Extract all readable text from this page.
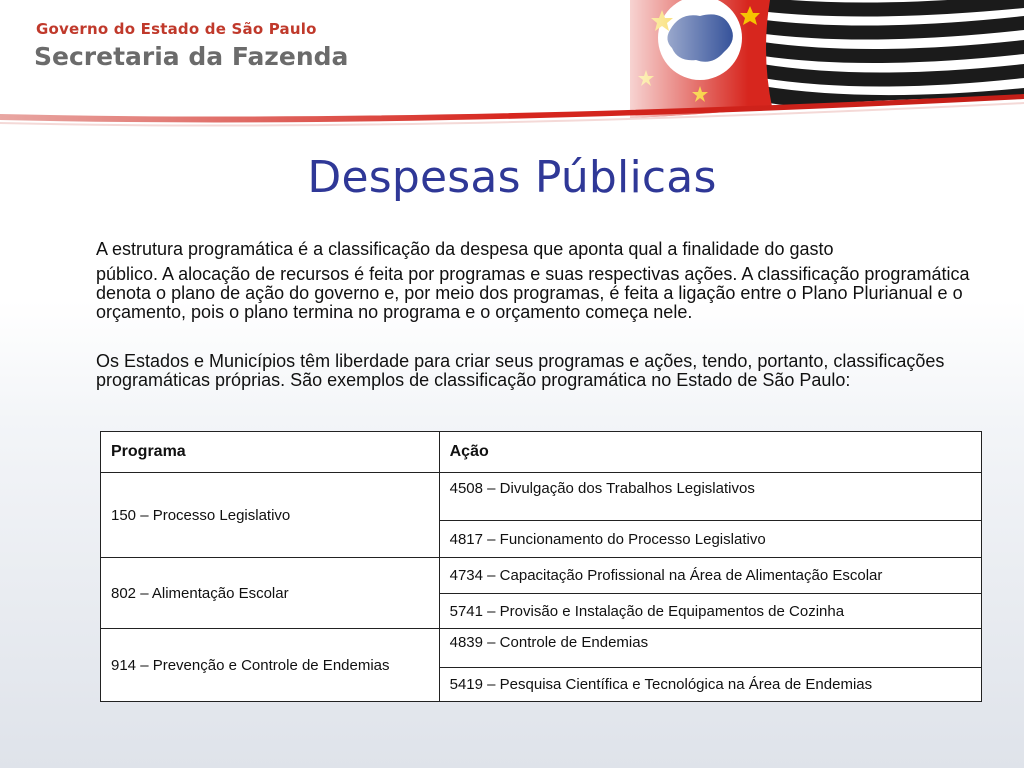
Governo do Estado de São Paulo
Secretaria da Fazenda
Despesas Públicas
A estrutura programática é a classificação da despesa que aponta qual a finalidade do gasto
público. A alocação de recursos é feita por programas e suas respectivas ações. A classificação programática denota o plano de ação do governo e, por meio dos programas, é feita a ligação entre o Plano Plurianual e o orçamento, pois o plano termina no programa e o orçamento começa nele.
Os Estados e Municípios têm liberdade para criar seus programas e ações, tendo, portanto, classificações programáticas próprias. São exemplos de classificação programática no Estado de São Paulo:
Programa	Ação
150 – Processo Legislativo	4508 – Divulgação dos Trabalhos Legislativos
	4817 – Funcionamento do Processo Legislativo
802 – Alimentação Escolar	4734 – Capacitação Profissional na Área de Alimentação Escolar
	5741 – Provisão e Instalação de Equipamentos de Cozinha
914 – Prevenção e Controle de Endemias	4839 – Controle de Endemias
	5419 – Pesquisa Científica e Tecnológica na Área de Endemias
